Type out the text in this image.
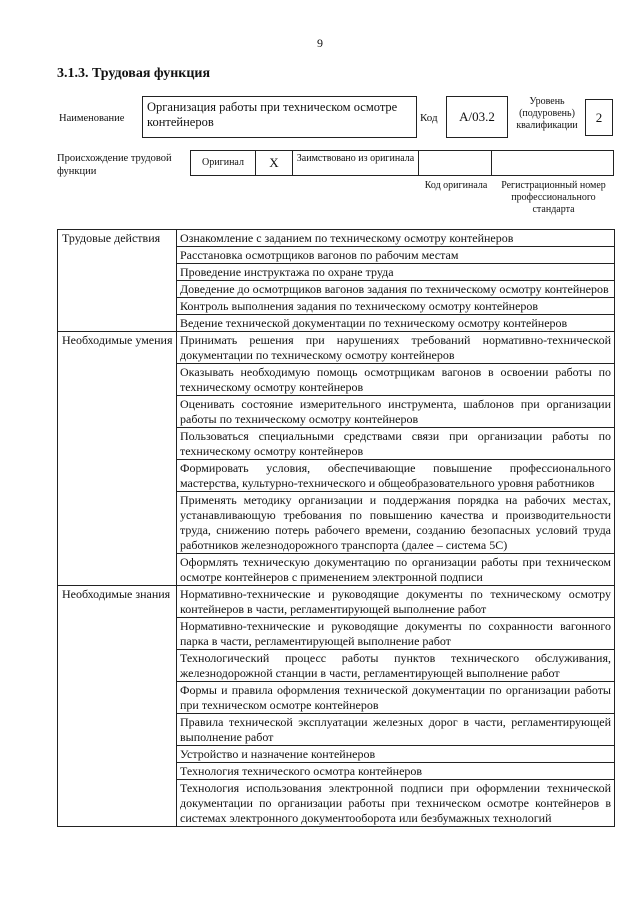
9
3.1.3. Трудовая функция
Наименование
Организация работы при техническом осмотре контейнеров	Код	А/03.2
Уровень (подуровень) квалификации
2
Происхождение трудовой функции
Оригинал	Х	Заимствовано из оригинала
Код оригинала	Регистрационный номер профессионального стандарта
Трудовые действия	Ознакомление с заданием по техническому осмотру контейнеров
	Расстановка осмотрщиков вагонов по рабочим местам
	Проведение инструктажа по охране труда
	Доведение до осмотрщиков вагонов задания по техническому осмотру контейнеров
	Контроль выполнения задания по техническому осмотру контейнеров
	Ведение технической документации по техническому осмотру контейнеров
Необходимые умения	Принимать решения при нарушениях требований нормативно-технической документации по техническому осмотру контейнеров
	Оказывать необходимую помощь осмотрщикам вагонов в освоении работы по техническому осмотру контейнеров
	Оценивать состояние измерительного инструмента, шаблонов при организации работы по техническому осмотру контейнеров
	Пользоваться специальными средствами связи при организации работы по техническому осмотру контейнеров
	Формировать условия, обеспечивающие повышение профессионального мастерства, культурно-технического и общеобразовательного уровня работников
	Применять методику организации и поддержания порядка на рабочих местах, устанавливающую требования по повышению качества и производительности труда, снижению потерь рабочего времени, созданию безопасных условий труда работников железнодорожного транспорта (далее – система 5С)
	Оформлять техническую документацию по организации работы при техническом осмотре контейнеров с применением электронной подписи
Необходимые знания	Нормативно-технические и руководящие документы по техническому осмотру контейнеров в части, регламентирующей выполнение работ
	Нормативно-технические и руководящие документы по сохранности вагонного парка в части, регламентирующей выполнение работ
	Технологический процесс работы пунктов технического обслуживания, железнодорожной станции в части, регламентирующей выполнение работ
	Формы и правила оформления технической документации по организации работы при техническом осмотре контейнеров
	Правила технической эксплуатации железных дорог в части, регламентирующей выполнение работ
	Устройство и назначение контейнеров
	Технология технического осмотра контейнеров
	Технология использования электронной подписи при оформлении технической документации по организации работы при техническом осмотре контейнеров в системах электронного документооборота или безбумажных технологий
